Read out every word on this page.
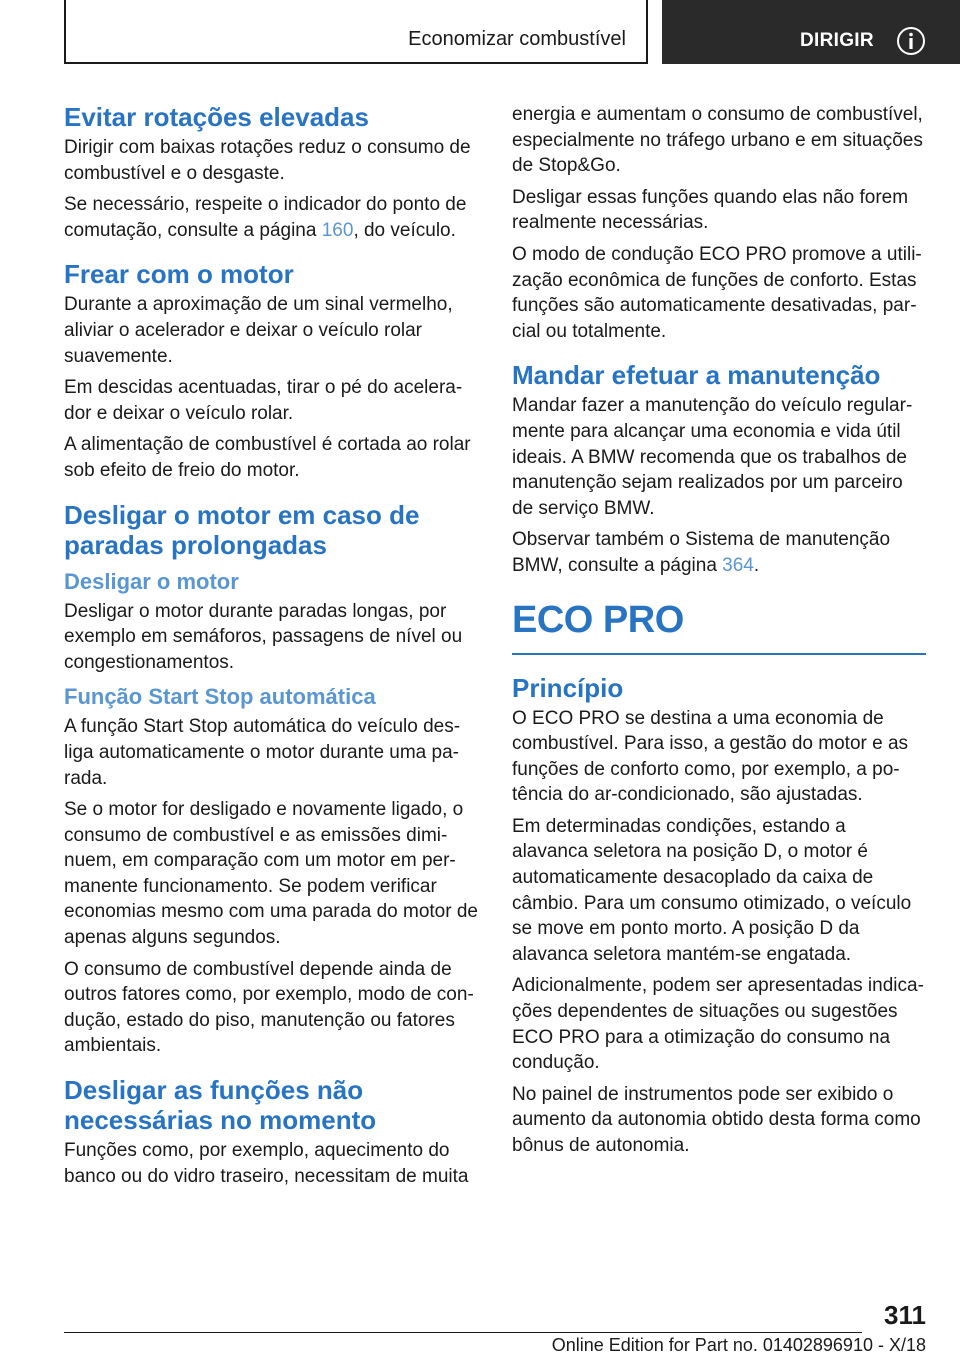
Economizar combustível	DIRIGIR
Evitar rotações elevadas

Dirigir com baixas rotações reduz o consumo de combustível e o desgaste.

Se necessário, respeite o indicador do ponto de comutação, consulte a página 160, do veículo.

Frear com o motor

Durante a aproximação de um sinal vermelho, aliviar o acelerador e deixar o veículo rolar suavemente.

Em descidas acentuadas, tirar o pé do acelerador e deixar o veículo rolar.

A alimentação de combustível é cortada ao rolar sob efeito de freio do motor.

Desligar o motor em caso de paradas prolongadas
Desligar o motor

Desligar o motor durante paradas longas, por exemplo em semáforos, passagens de nível ou congestionamentos.

Função Start Stop automática

A função Start Stop automática do veículo desliga automaticamente o motor durante uma parada.

Se o motor for desligado e novamente ligado, o consumo de combustível e as emissões diminuem, em comparação com um motor em permanente funcionamento. Se podem verificar economias mesmo com uma parada do motor de apenas alguns segundos.

O consumo de combustível depende ainda de outros fatores como, por exemplo, modo de condução, estado do piso, manutenção ou fatores ambientais.

Desligar as funções não necessárias no momento

Funções como, por exemplo, aquecimento do banco ou do vidro traseiro, necessitam de muita

energia e aumentam o consumo de combustível, especialmente no tráfego urbano e em situações de Stop&Go.

Desligar essas funções quando elas não forem realmente necessárias.

O modo de condução ECO PRO promove a utilização econômica de funções de conforto. Estas funções são automaticamente desativadas, parcial ou totalmente.

Mandar efetuar a manutenção

Mandar fazer a manutenção do veículo regularmente para alcançar uma economia e vida útil ideais. A BMW recomenda que os trabalhos de manutenção sejam realizados por um parceiro de serviço BMW.

Observar também o Sistema de manutenção BMW, consulte a página 364.

ECO PRO
Princípio

O ECO PRO se destina a uma economia de combustível. Para isso, a gestão do motor e as funções de conforto como, por exemplo, a potência do ar-condicionado, são ajustadas.

Em determinadas condições, estando a alavanca seletora na posição D, o motor é automaticamente desacoplado da caixa de câmbio. Para um consumo otimizado, o veículo se move em ponto morto. A posição D da alavanca seletora mantém-se engatada.

Adicionalmente, podem ser apresentadas indicações dependentes de situações ou sugestões ECO PRO para a otimização do consumo na condução.

No painel de instrumentos pode ser exibido o aumento da autonomia obtido desta forma como bônus de autonomia.

311
Online Edition for Part no. 01402896910 - X/18
